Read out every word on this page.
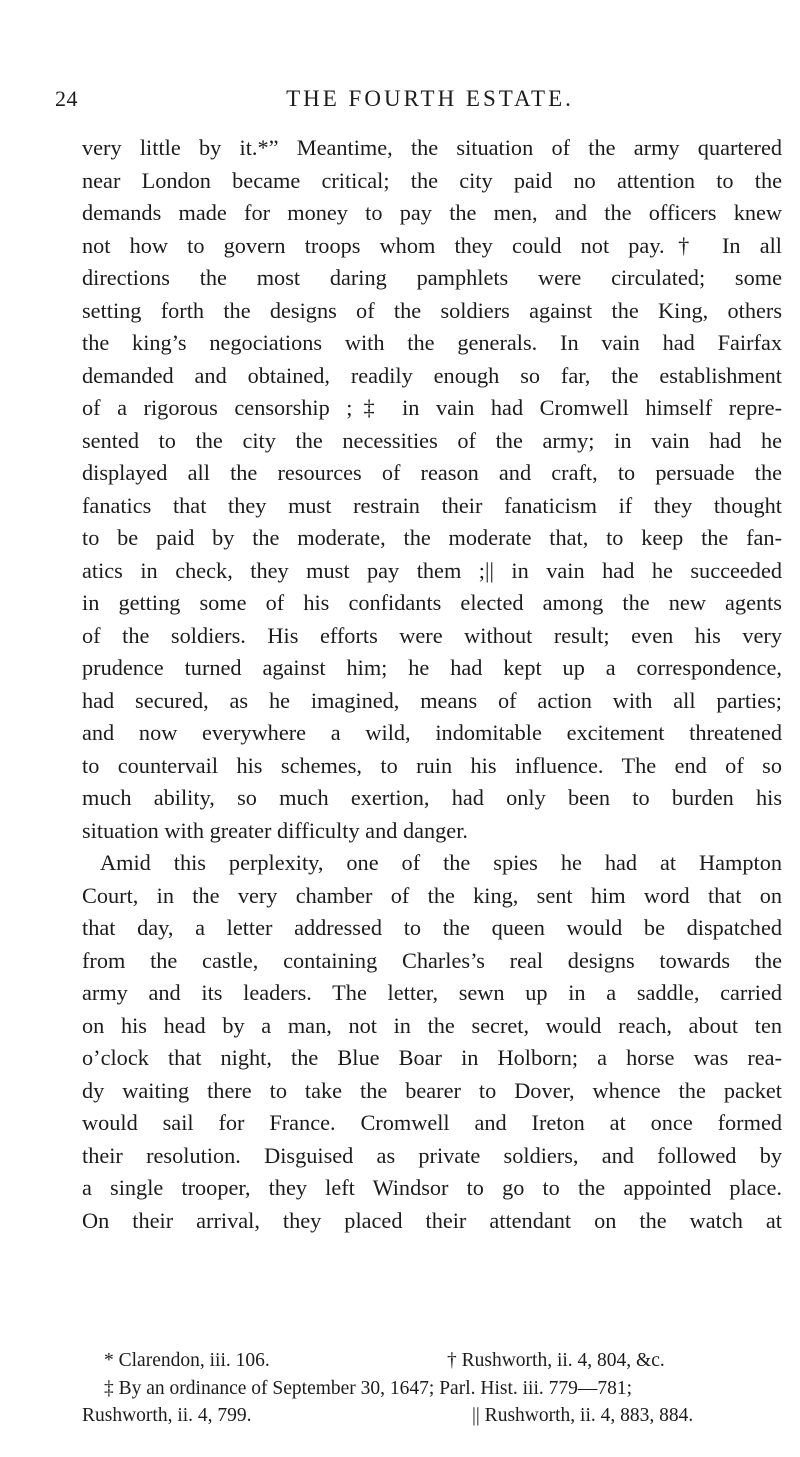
24	THE FOURTH ESTATE.
very little by it.*” Meantime, the situation of the army quartered
near London became critical; the city paid no attention to the
demands made for money to pay the men, and the officers knew
not how to govern troops whom they could not pay.† In all
directions the most daring pamphlets were circulated; some
setting forth the designs of the soldiers against the King, others
the king’s negociations with the generals. In vain had Fairfax
demanded and obtained, readily enough so far, the establishment
of a rigorous censorship ;‡ in vain had Cromwell himself repre-
sented to the city the necessities of the army; in vain had he
displayed all the resources of reason and craft, to persuade the
fanatics that they must restrain their fanaticism if they thought
to be paid by the moderate, the moderate that, to keep the fan-
atics in check, they must pay them ;|| in vain had he succeeded
in getting some of his confidants elected among the new agents
of the soldiers. His efforts were without result; even his very
prudence turned against him; he had kept up a correspondence,
had secured, as he imagined, means of action with all parties;
and now everywhere a wild, indomitable excitement threatened
to countervail his schemes, to ruin his influence. The end of so
much ability, so much exertion, had only been to burden his
situation with greater difficulty and danger.
Amid this perplexity, one of the spies he had at Hampton
Court, in the very chamber of the king, sent him word that on
that day, a letter addressed to the queen would be dispatched
from the castle, containing Charles’s real designs towards the
army and its leaders. The letter, sewn up in a saddle, carried
on his head by a man, not in the secret, would reach, about ten
o’clock that night, the Blue Boar in Holborn; a horse was rea-
dy waiting there to take the bearer to Dover, whence the packet
would sail for France. Cromwell and Ireton at once formed
their resolution. Disguised as private soldiers, and followed by
a single trooper, they left Windsor to go to the appointed place.
On their arrival, they placed their attendant on the watch at
* Clarendon, iii. 106.	† Rushworth, ii. 4, 804, &c.
‡ By an ordinance of September 30, 1647; Parl. Hist. iii. 779—781;
Rushworth, ii. 4, 799.	|| Rushworth, ii. 4, 883, 884.
